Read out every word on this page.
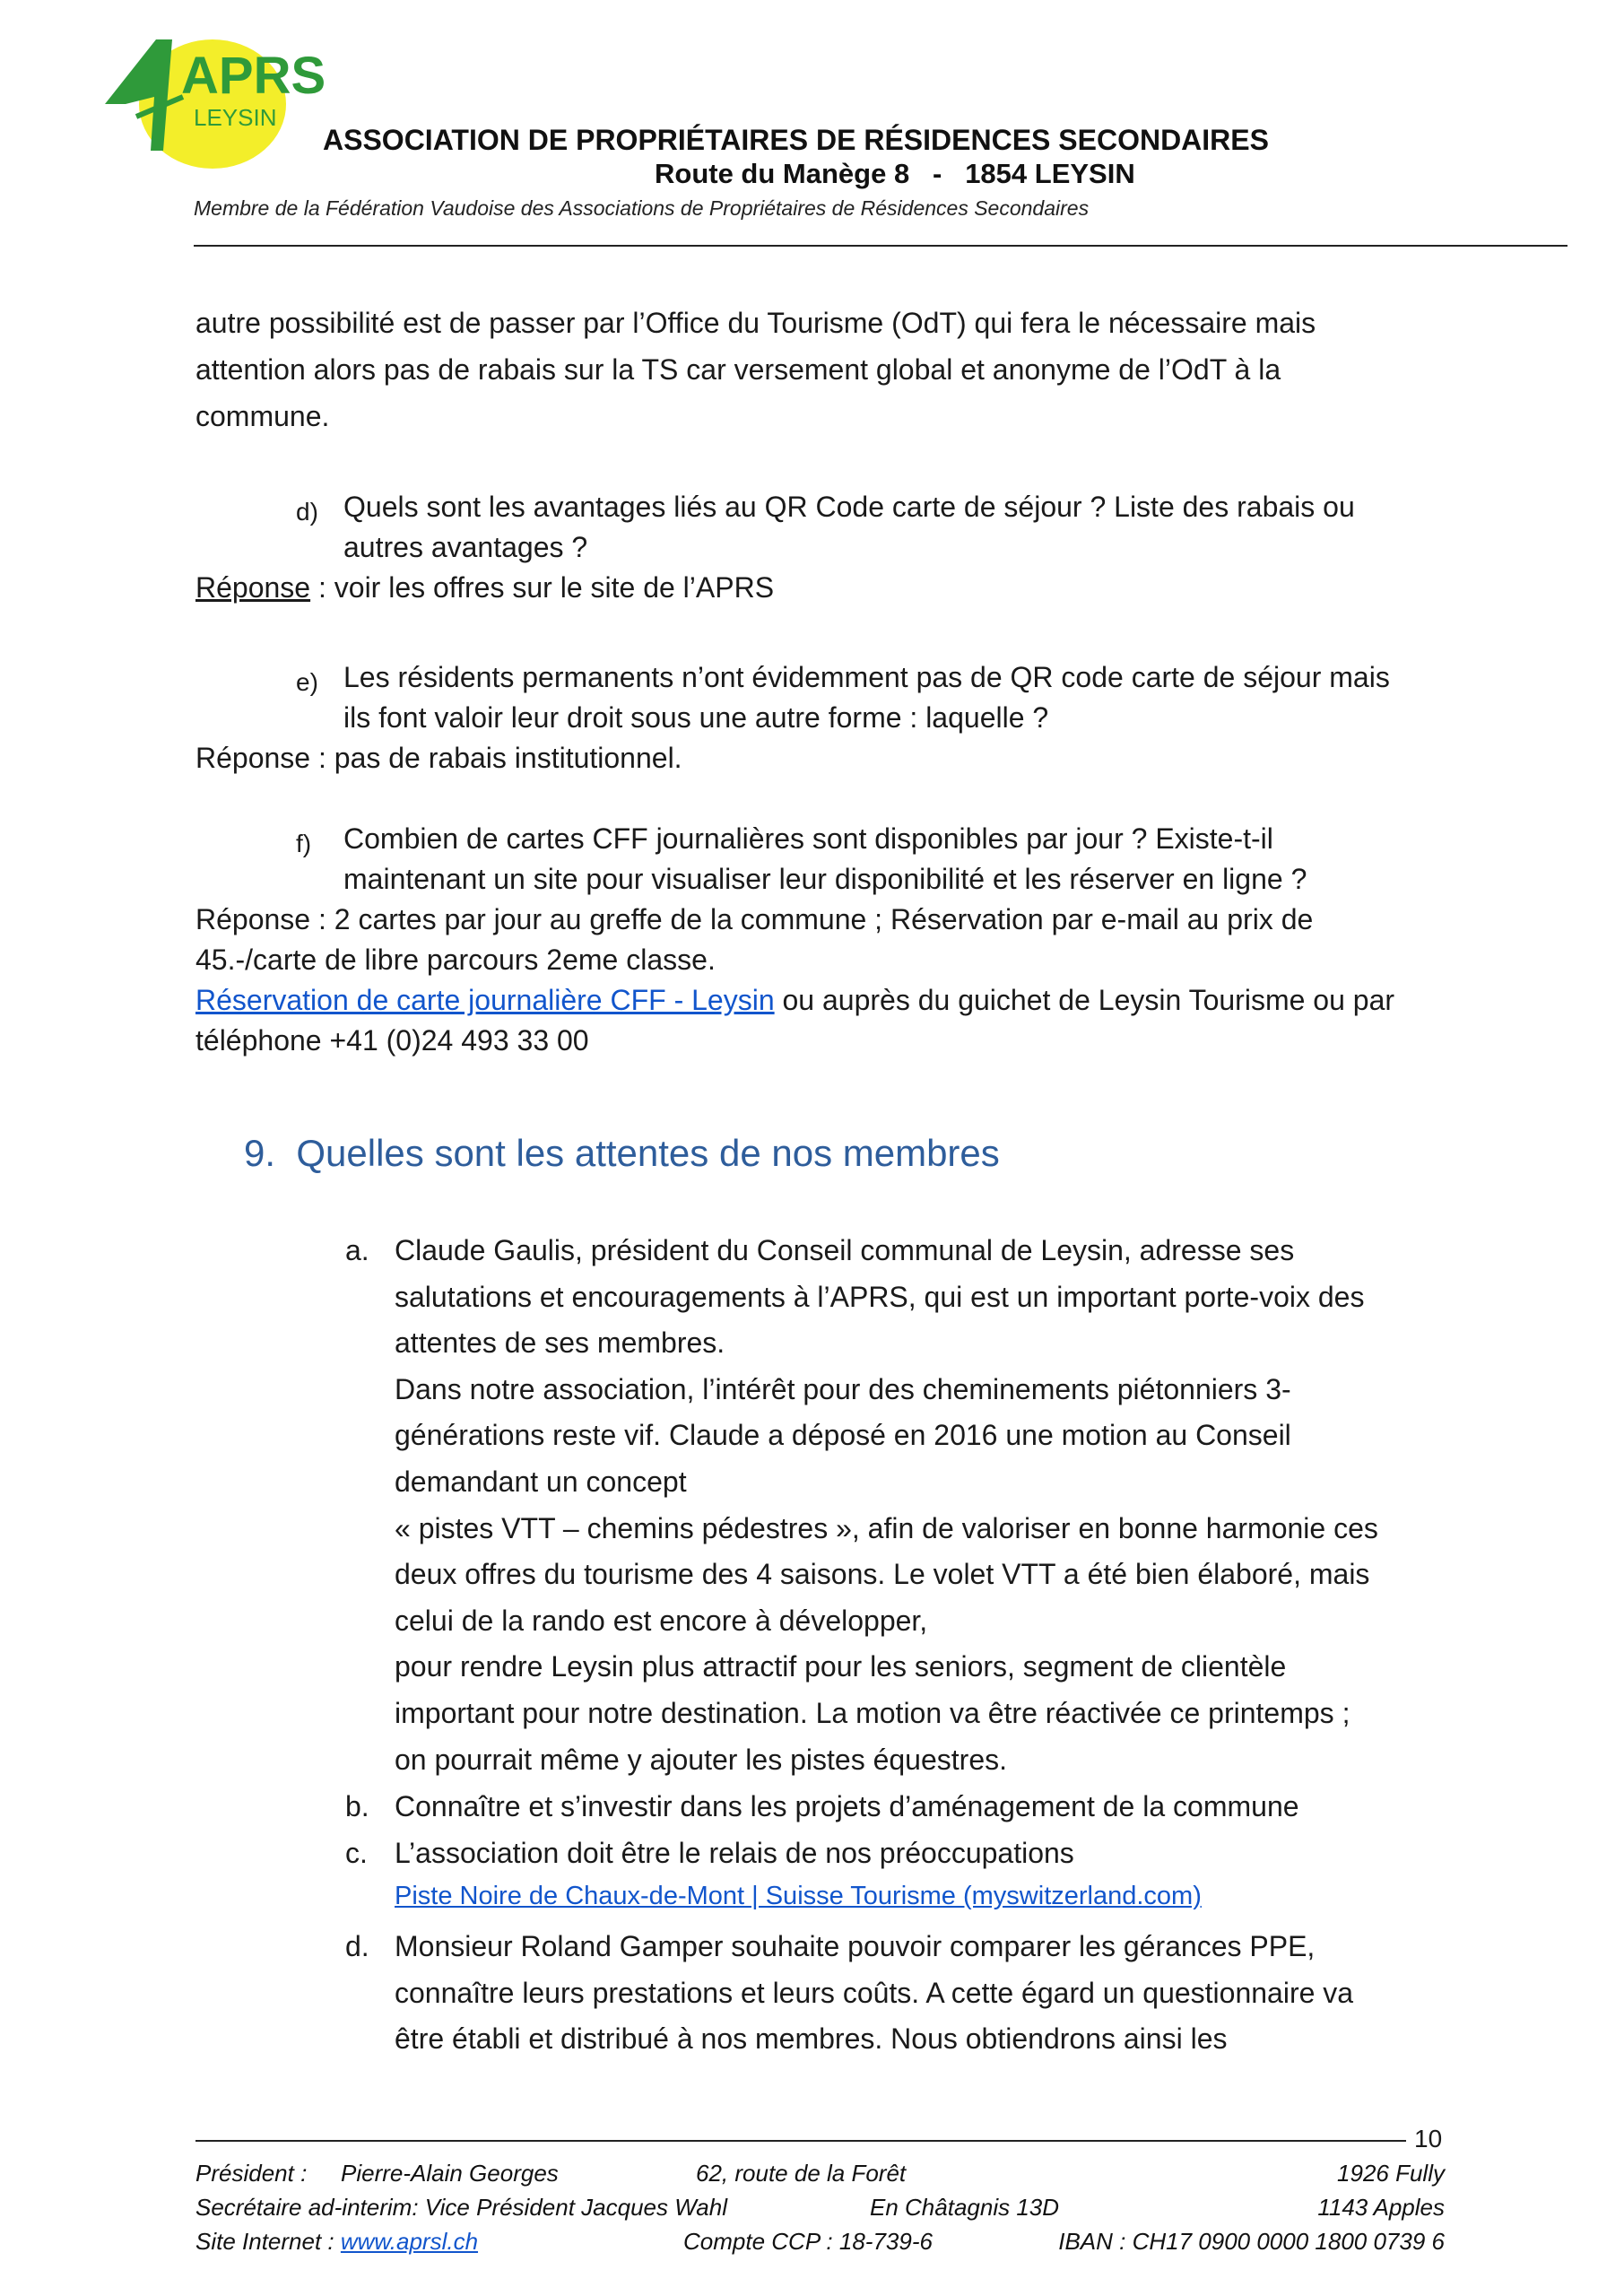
APRS
LEYSIN
ASSOCIATION DE PROPRIÉTAIRES DE RÉSIDENCES SECONDAIRES
Route du Manège 8   -   1854 LEYSIN
Membre de la Fédération Vaudoise des Associations de Propriétaires de Résidences Secondaires
autre possibilité est de passer par l’Office du Tourisme (OdT) qui fera le nécessaire mais
attention alors pas de rabais sur la TS car versement global et anonyme de l’OdT à la
commune.
d) Quels sont les avantages liés au QR Code carte de séjour ? Liste des rabais ou
autres avantages ?
Réponse : voir les offres sur le site de l’APRS
e) Les résidents permanents n’ont évidemment pas de QR code carte de séjour mais
ils font valoir leur droit sous une autre forme : laquelle ?
Réponse : pas de rabais institutionnel.
f) Combien de cartes CFF journalières sont disponibles par jour ? Existe-t-il
maintenant un site pour visualiser leur disponibilité et les réserver en ligne ?
Réponse : 2 cartes par jour au greffe de la commune ; Réservation par e-mail au prix de
45.-/carte de libre parcours 2eme classe.
Réservation de carte journalière CFF - Leysin ou auprès du guichet de Leysin Tourisme ou par
téléphone +41 (0)24 493 33 00
9.  Quelles sont les attentes de nos membres
a. Claude Gaulis, président du Conseil communal de Leysin, adresse ses
salutations et encouragements à l’APRS, qui est un important porte-voix des
attentes de ses membres.
Dans notre association, l’intérêt pour des cheminements piétonniers 3-
générations reste vif. Claude a déposé en 2016 une motion au Conseil
demandant un concept
« pistes VTT – chemins pédestres », afin de valoriser en bonne harmonie ces
deux offres du tourisme des 4 saisons. Le volet VTT a été bien élaboré, mais
celui de la rando est encore à développer,
pour rendre Leysin plus attractif pour les seniors, segment de clientèle
important pour notre destination. La motion va être réactivée ce printemps ;
on pourrait même y ajouter les pistes équestres.
b. Connaître et s’investir dans les projets d’aménagement de la commune
c. L’association doit être le relais de nos préoccupations
Piste Noire de Chaux-de-Mont | Suisse Tourisme (myswitzerland.com)
d. Monsieur Roland Gamper souhaite pouvoir comparer les gérances PPE,
connaître leurs prestations et leurs coûts. A cette égard un questionnaire va
être établi et distribué à nos membres. Nous obtiendrons ainsi les
10
Président : Pierre-Alain Georges	62, route de la Forêt	1926 Fully
Secrétaire ad-interim: Vice Président Jacques Wahl	En Châtagnis 13D	1143 Apples
Site Internet : www.aprsl.ch	Compte CCP : 18-739-6	IBAN : CH17 0900 0000 1800 0739 6
